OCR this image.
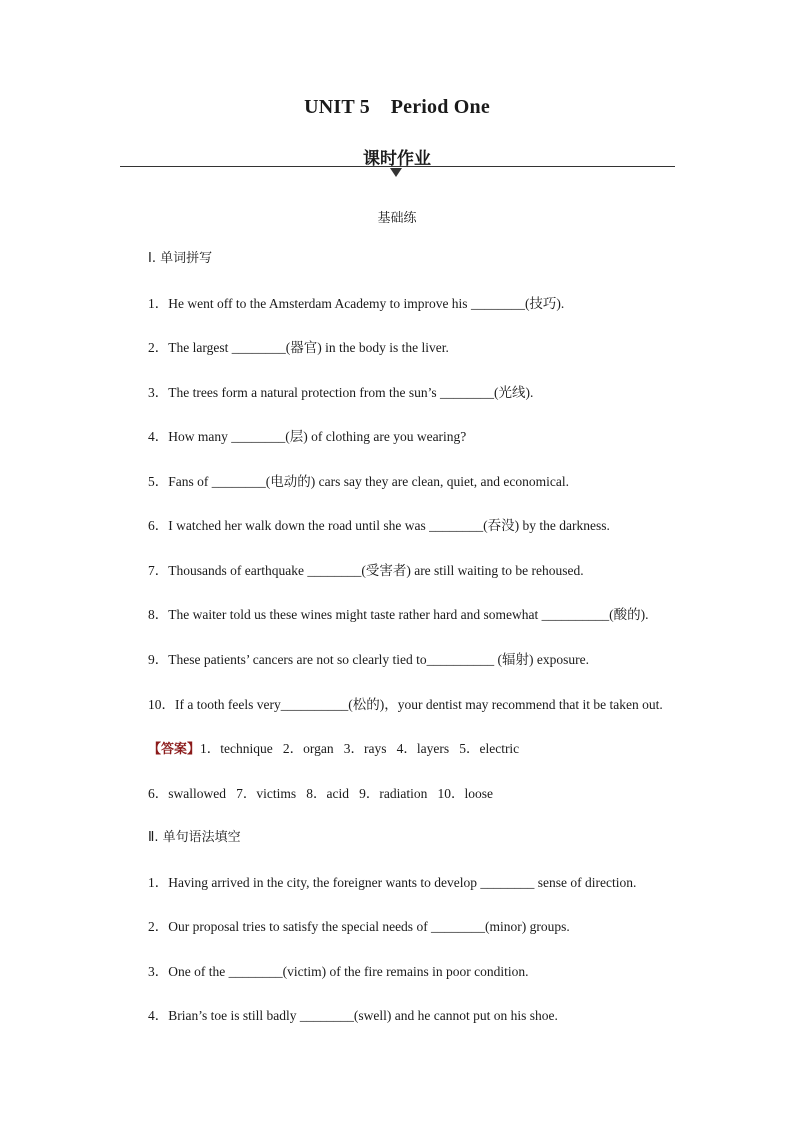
UNIT 5    Period One
课时作业
基础练
Ⅰ. 单词拼写
1．He went off to the Amsterdam Academy to improve his ________(技巧).
2．The largest ________(器官) in the body is the liver.
3．The trees form a natural protection from the sun’s ________(光线).
4．How many ________(层) of clothing are you wearing?
5．Fans of ________(电动的) cars say they are clean, quiet, and economical.
6．I watched her walk down the road until she was ________(吞没) by the darkness.
7．Thousands of earthquake ________(受害者) are still waiting to be rehoused.
8．The waiter told us these wines might taste rather hard and somewhat __________(酸的).
9．These patients’ cancers are not so clearly tied to__________ (辐射) exposure.
10．If a tooth feels very__________(松的)，your dentist may recommend that it be taken out.
【答案】1．technique   2．organ   3．rays   4．layers   5．electric
6．swallowed   7．victims   8．acid   9．radiation   10．loose
Ⅱ. 单句语法填空
1．Having arrived in the city, the foreigner wants to develop ________ sense of direction.
2．Our proposal tries to satisfy the special needs of ________(minor) groups.
3．One of the ________(victim) of the fire remains in poor condition.
4．Brian’s toe is still badly ________(swell) and he cannot put on his shoe.
